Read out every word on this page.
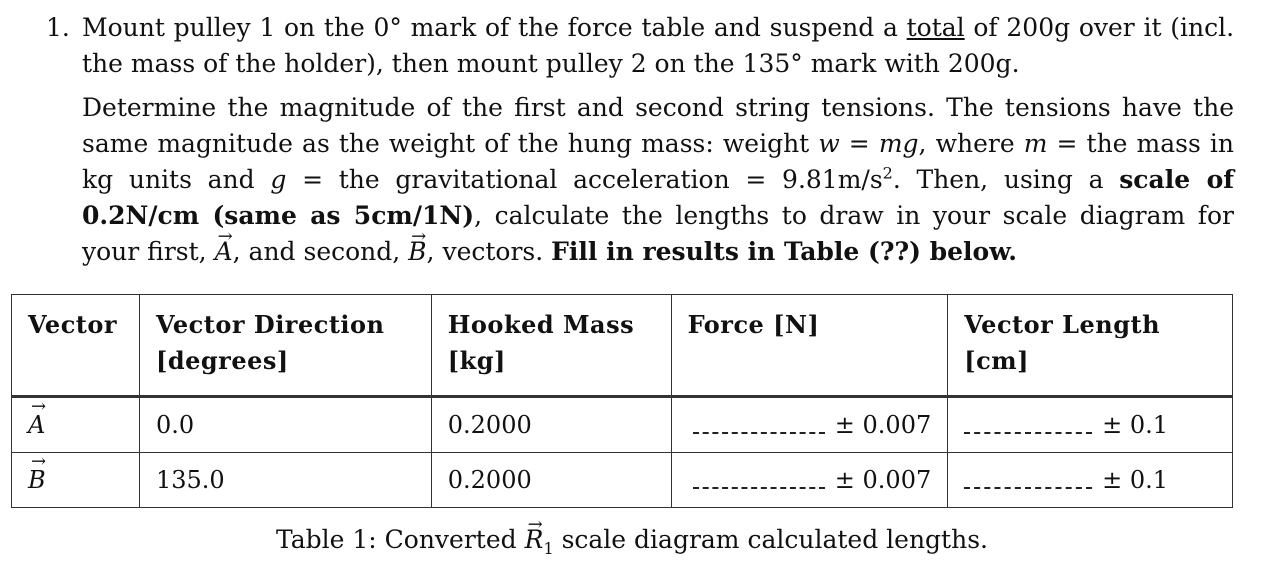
1. Mount pulley 1 on the 0° mark of the force table and suspend a total of 200g over it (incl. the mass of the holder), then mount pulley 2 on the 135° mark with 200g.
Determine the magnitude of the first and second string tensions. The tensions have the same magnitude as the weight of the hung mass: weight w = mg, where m = the mass in kg units and g = the gravitational acceleration = $9.81m/s^2$. Then, using a scale of 0.2N/cm (same as 5cm/1N), calculate the lengths to draw in your scale diagram for your first, → A, and second, → B, vectors. Fill in results in Table (??) below.
Vector	Vector Direction [degrees]	Hooked Mass [kg]	Force [N]	Vector Length [cm]
→ A	0.0	0.2000	± 0.007	± 0.1

→ B	135.0	0.2000	± 0.007	± 0.1
Table 1: Converted → $R_1$ scale diagram calculated lengths.
